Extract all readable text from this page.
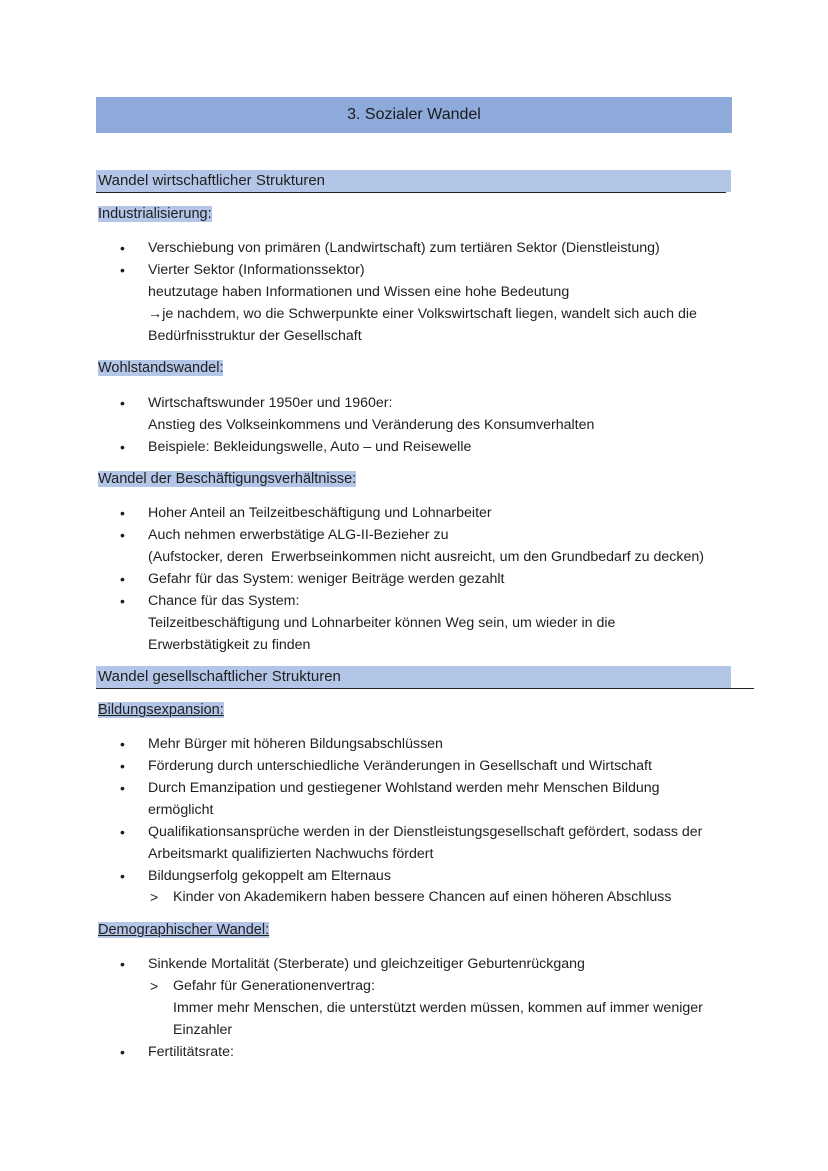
3. Sozialer Wandel
Wandel wirtschaftlicher Strukturen
Industrialisierung:
• Verschiebung von primären (Landwirtschaft) zum tertiären Sektor (Dienstleistung)
• Vierter Sektor (Informationssektor)
heutzutage haben Informationen und Wissen eine hohe Bedeutung
→je nachdem, wo die Schwerpunkte einer Volkswirtschaft liegen, wandelt sich auch die
Bedürfnisstruktur der Gesellschaft
Wohlstandswandel:
• Wirtschaftswunder 1950er und 1960er:
Anstieg des Volkseinkommens und Veränderung des Konsumverhalten
• Beispiele: Bekleidungswelle, Auto – und Reisewelle
Wandel der Beschäftigungsverhältnisse:
• Hoher Anteil an Teilzeitbeschäftigung und Lohnarbeiter
• Auch nehmen erwerbstätige ALG-II-Bezieher zu
(Aufstocker, deren  Erwerbseinkommen nicht ausreicht, um den Grundbedarf zu decken)
• Gefahr für das System: weniger Beiträge werden gezahlt
• Chance für das System:
Teilzeitbeschäftigung und Lohnarbeiter können Weg sein, um wieder in die
Erwerbstätigkeit zu finden
Wandel gesellschaftlicher Strukturen
Bildungsexpansion:
• Mehr Bürger mit höheren Bildungsabschlüssen
• Förderung durch unterschiedliche Veränderungen in Gesellschaft und Wirtschaft
• Durch Emanzipation und gestiegener Wohlstand werden mehr Menschen Bildung
ermöglicht
• Qualifikationsansprüche werden in der Dienstleistungsgesellschaft gefördert, sodass der
Arbeitsmarkt qualifizierten Nachwuchs fördert
• Bildungserfolg gekoppelt am Elternaus
> Kinder von Akademikern haben bessere Chancen auf einen höheren Abschluss
Demographischer Wandel:
• Sinkende Mortalität (Sterberate) und gleichzeitiger Geburtenrückgang
> Gefahr für Generationenvertrag:
Immer mehr Menschen, die unterstützt werden müssen, kommen auf immer weniger
Einzahler
• Fertilitätsrate:
